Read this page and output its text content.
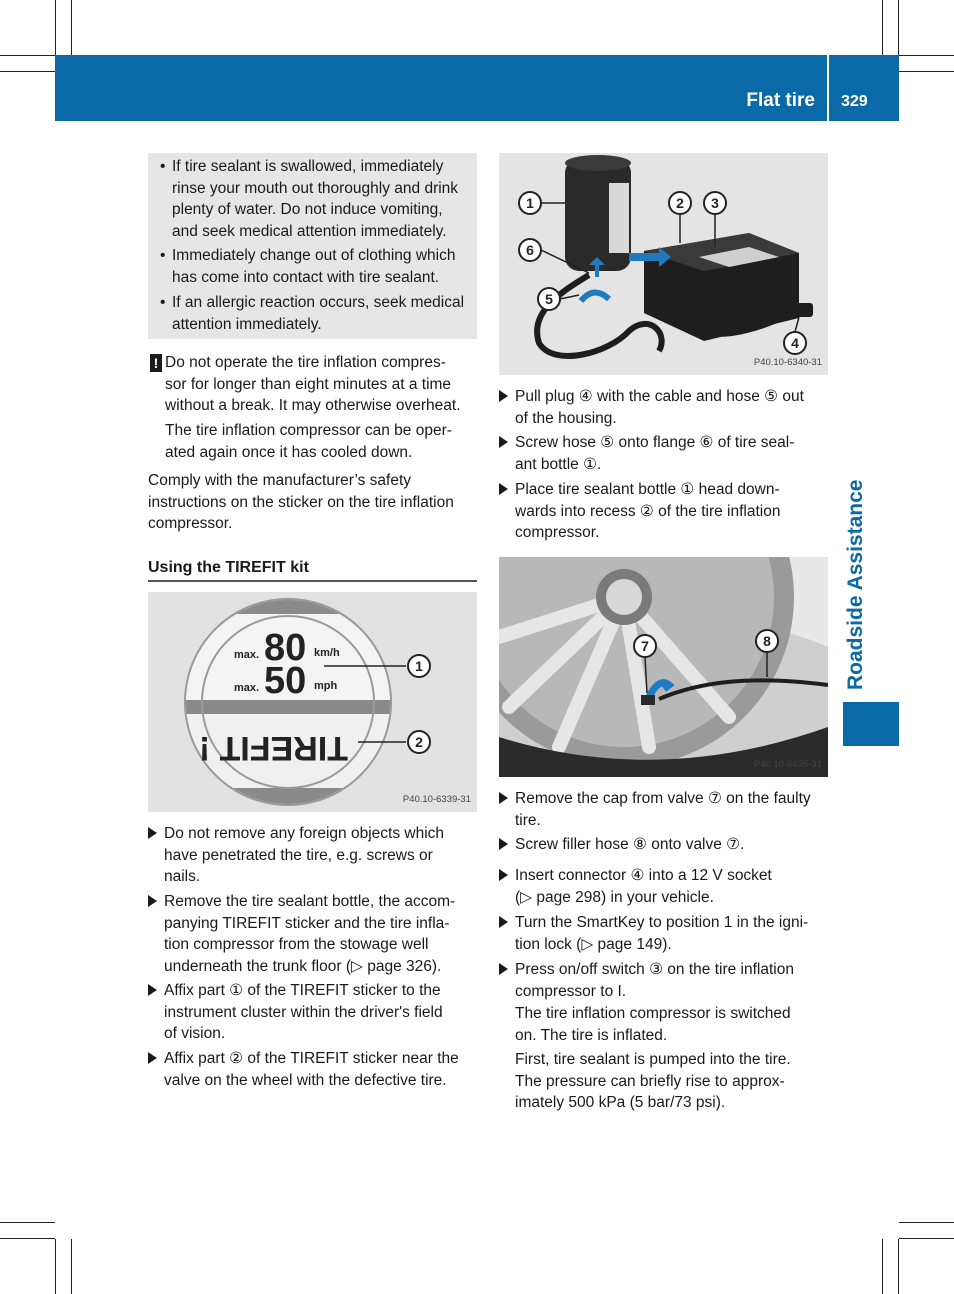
Flat tire 329
Roadside Assistance
• If tire sealant is swallowed, immediately

rinse your mouth out thoroughly and drink

plenty of water. Do not induce vomiting,

and seek medical attention immediately.

• Immediately change out of clothing which

has come into contact with tire sealant.

• If an allergic reaction occurs, seek medical

attention immediately.

! Do not operate the tire inflation compres-

sor for longer than eight minutes at a time

without a break. It may otherwise overheat.

The tire inflation compressor can be oper-

ated again once it has cooled down.

Comply with the manufacturer’s safety

instructions on the sticker on the tire inflation

compressor.

Using the TIREFIT kit
max. 80 km/h
max. 50 mph
TIREFIT !
1
2
P40.10-6339-31

Do not remove any foreign objects which

have penetrated the tire, e.g. screws or

nails.

Remove the tire sealant bottle, the accom-

panying TIREFIT sticker and the tire infla-

tion compressor from the stowage well

underneath the trunk floor (▷ page 326).

Affix part ① of the TIREFIT sticker to the

instrument cluster within the driver's field

of vision.

Affix part ② of the TIREFIT sticker near the

valve on the wheel with the defective tire.

1	2 3
4
5
6
P40.10-6340-31

Pull plug ④ with the cable and hose ⑤ out

of the housing.

Screw hose ⑤ onto flange ⑥ of tire seal-

ant bottle ①.

Place tire sealant bottle ① head down-

wards into recess ② of the tire inflation

compressor.

7	8
P40.10-6635-31

Remove the cap from valve ⑦ on the faulty

tire.

Screw filler hose ⑧ onto valve ⑦.

Insert connector ④ into a 12 V socket

(▷ page 298) in your vehicle.

Turn the SmartKey to position 1 in the igni-

tion lock (▷ page 149).

Press on/off switch ③ on the tire inflation

compressor to I.

The tire inflation compressor is switched

on. The tire is inflated.

First, tire sealant is pumped into the tire.

The pressure can briefly rise to approx-

imately 500 kPa (5 bar/73 psi).
